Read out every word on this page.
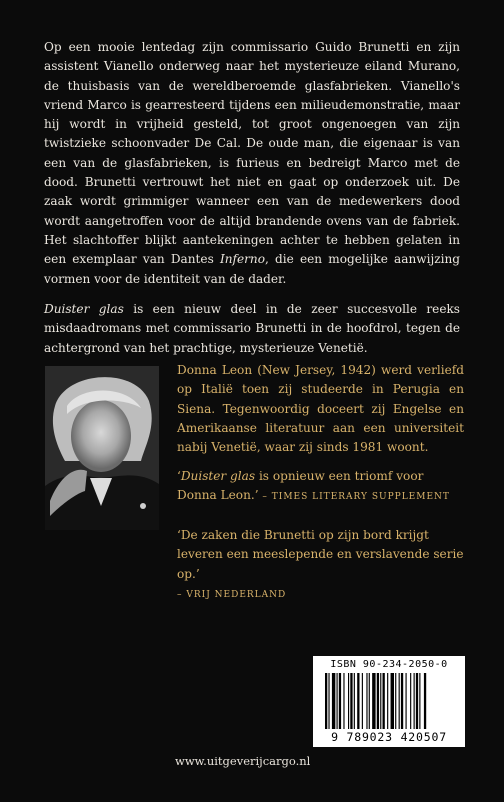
Op een mooie lentedag zijn commissario Guido Brunetti en zijn assistent Vianello onderweg naar het mysterieuze eiland Murano, de thuisbasis van de wereldberoemde glasfabrieken. Vianello's vriend Marco is gearresteerd tijdens een milieudemonstratie, maar hij wordt in vrijheid gesteld, tot groot ongenoegen van zijn twistzieke schoonvader De Cal. De oude man, die eigenaar is van een van de glasfabrieken, is furieus en bedreigt Marco met de dood. Brunetti vertrouwt het niet en gaat op onderzoek uit. De zaak wordt grimmiger wanneer een van de medewerkers dood wordt aangetroffen voor de altijd brandende ovens van de fabriek. Het slachtoffer blijkt aantekeningen achter te hebben gelaten in een exemplaar van Dantes Inferno, die een mogelijke aanwijzing vormen voor de identiteit van de dader.

Duister glas is een nieuw deel in de zeer succesvolle reeks misdaadromans met commissario Brunetti in de hoofdrol, tegen de achtergrond van het prachtige, mysterieuze Venetië.

Donna Leon (New Jersey, 1942) werd verliefd op Italië toen zij studeerde in Perugia en Siena. Tegenwoordig doceert zij Engelse en Amerikaanse literatuur aan een universiteit nabij Venetië, waar zij sinds 1981 woont.

‘Duister glas is opnieuw een triomf voor Donna Leon.’ – TIMES LITERARY SUPPLEMENT

‘De zaken die Brunetti op zijn bord krijgt leveren een meeslepende en verslavende serie op.’
– VRIJ NEDERLAND

ISBN 90-234-2050-0
9 789023 420507
www.uitgeverijcargo.nl
